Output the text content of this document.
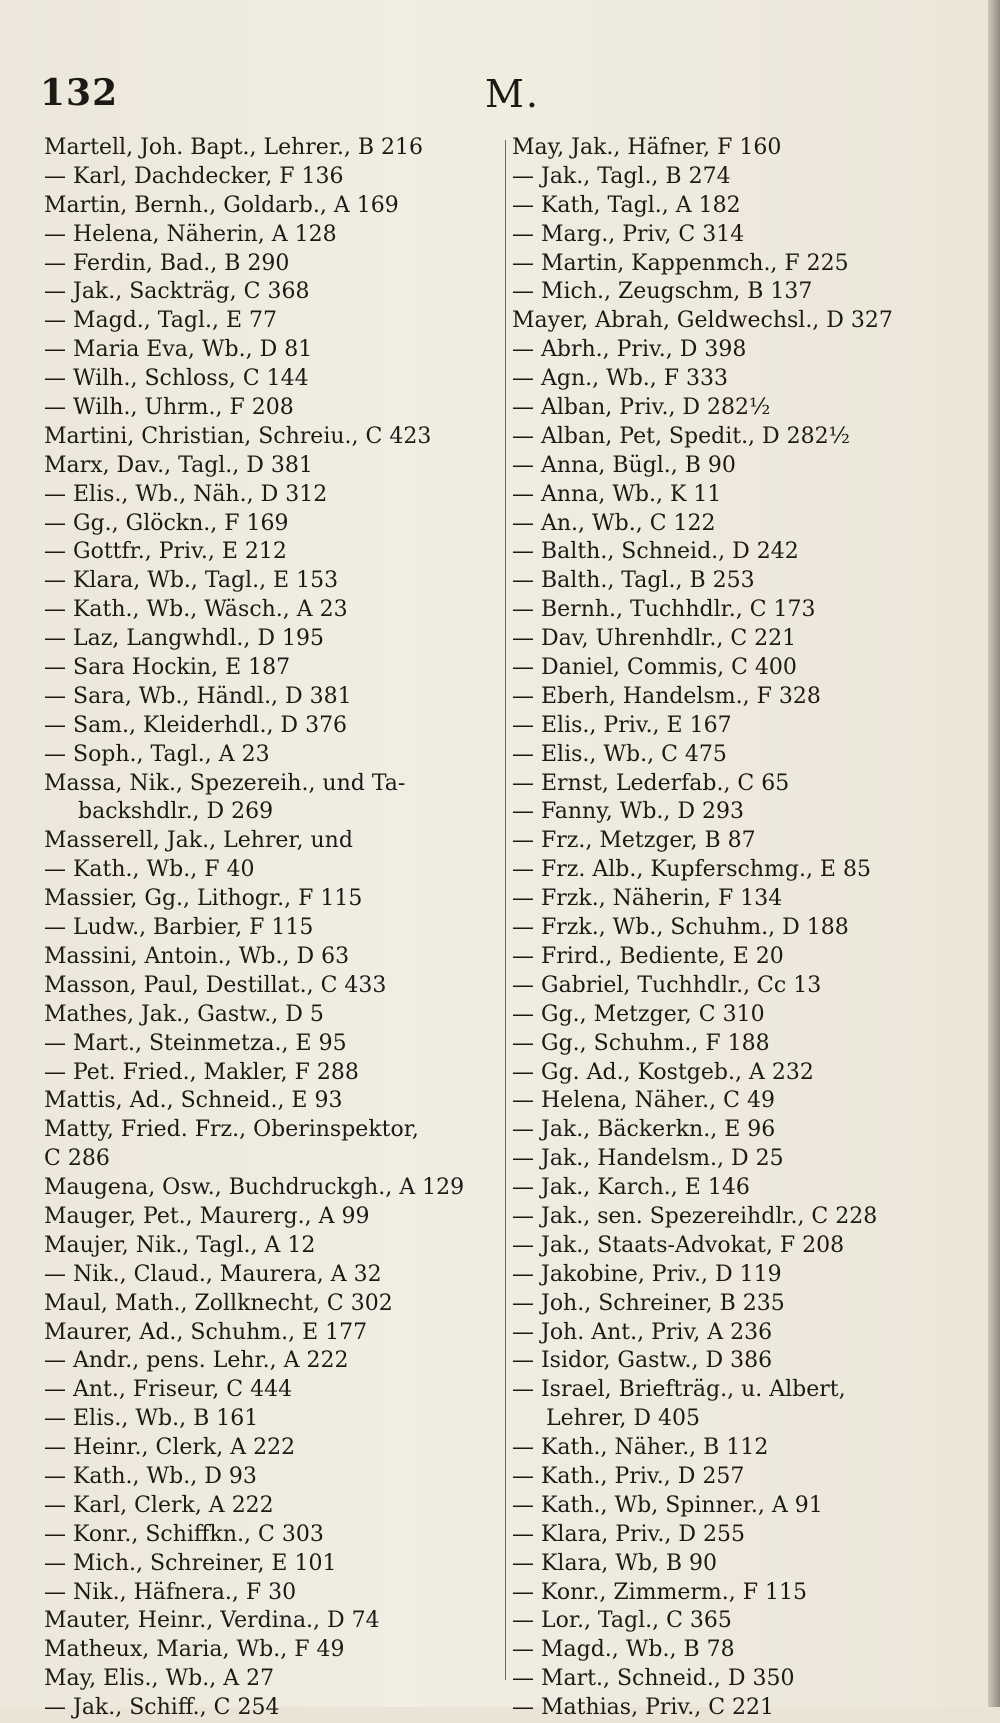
132	M.
Martell, Joh. Bapt., Lehrer., B 216
— Karl, Dachdecker, F 136
Martin, Bernh., Goldarb., A 169
— Helena, Näherin, A 128
— Ferdin, Bad., B 290
— Jak., Sackträg, C 368
— Magd., Tagl., E 77
— Maria Eva, Wb., D 81
— Wilh., Schloss, C 144
— Wilh., Uhrm., F 208
Martini, Christian, Schreiu., C 423
Marx, Dav., Tagl., D 381
— Elis., Wb., Näh., D 312
— Gg., Glöckn., F 169
— Gottfr., Priv., E 212
— Klara, Wb., Tagl., E 153
— Kath., Wb., Wäsch., A 23
— Laz, Langwhdl., D 195
— Sara Hockin, E 187
— Sara, Wb., Händl., D 381
— Sam., Kleiderhdl., D 376
— Soph., Tagl., A 23
Massa, Nik., Spezereih., und Ta-
backshdlr., D 269
Masserell, Jak., Lehrer, und
— Kath., Wb., F 40
Massier, Gg., Lithogr., F 115
— Ludw., Barbier, F 115
Massini, Antoin., Wb., D 63
Masson, Paul, Destillat., C 433
Mathes, Jak., Gastw., D 5
— Mart., Steinmetza., E 95
— Pet. Fried., Makler, F 288
Mattis, Ad., Schneid., E 93
Matty, Fried. Frz., Oberinspektor,
C 286
Maugena, Osw., Buchdruckgh., A 129
Mauger, Pet., Maurerg., A 99
Maujer, Nik., Tagl., A 12
— Nik., Claud., Maurera, A 32
Maul, Math., Zollknecht, C 302
Maurer, Ad., Schuhm., E 177
— Andr., pens. Lehr., A 222
— Ant., Friseur, C 444
— Elis., Wb., B 161
— Heinr., Clerk, A 222
— Kath., Wb., D 93
— Karl, Clerk, A 222
— Konr., Schiffkn., C 303
— Mich., Schreiner, E 101
— Nik., Häfnera., F 30
Mauter, Heinr., Verdina., D 74
Matheux, Maria, Wb., F 49
May, Elis., Wb., A 27
— Jak., Schiff., C 254
May, Jak., Häfner, F 160
— Jak., Tagl., B 274
— Kath, Tagl., A 182
— Marg., Priv, C 314
— Martin, Kappenmch., F 225
— Mich., Zeugschm, B 137
Mayer, Abrah, Geldwechsl., D 327
— Abrh., Priv., D 398
— Agn., Wb., F 333
— Alban, Priv., D 282½
— Alban, Pet, Spedit., D 282½
— Anna, Bügl., B 90
— Anna, Wb., K 11
— An., Wb., C 122
— Balth., Schneid., D 242
— Balth., Tagl., B 253
— Bernh., Tuchhdlr., C 173
— Dav, Uhrenhdlr., C 221
— Daniel, Commis, C 400
— Eberh, Handelsm., F 328
— Elis., Priv., E 167
— Elis., Wb., C 475
— Ernst, Lederfab., C 65
— Fanny, Wb., D 293
— Frz., Metzger, B 87
— Frz. Alb., Kupferschmg., E 85
— Frzk., Näherin, F 134
— Frzk., Wb., Schuhm., D 188
— Frird., Bediente, E 20
— Gabriel, Tuchhdlr., Cc 13
— Gg., Metzger, C 310
— Gg., Schuhm., F 188
— Gg. Ad., Kostgeb., A 232
— Helena, Näher., C 49
— Jak., Bäckerkn., E 96
— Jak., Handelsm., D 25
— Jak., Karch., E 146
— Jak., sen. Spezereihdlr., C 228
— Jak., Staats-Advokat, F 208
— Jakobine, Priv., D 119
— Joh., Schreiner, B 235
— Joh. Ant., Priv, A 236
— Isidor, Gastw., D 386
— Israel, Briefträg., u. Albert,
Lehrer, D 405
— Kath., Näher., B 112
— Kath., Priv., D 257
— Kath., Wb, Spinner., A 91
— Klara, Priv., D 255
— Klara, Wb, B 90
— Konr., Zimmerm., F 115
— Lor., Tagl., C 365
— Magd., Wb., B 78
— Mart., Schneid., D 350
— Mathias, Priv., C 221
